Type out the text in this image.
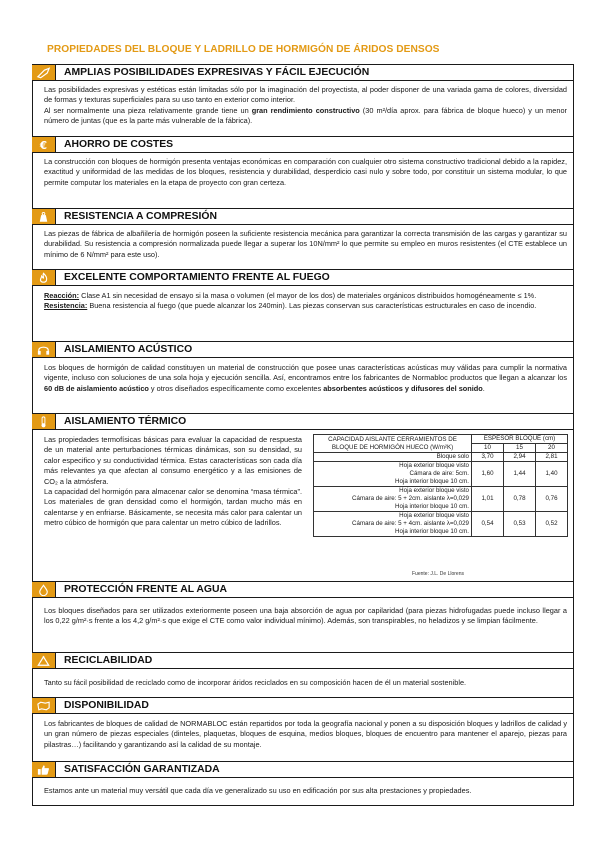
PROPIEDADES DEL BLOQUE Y LADRILLO DE HORMIGÓN DE ÁRIDOS DENSOS
AMPLIAS POSIBILIDADES EXPRESIVAS Y FÁCIL EJECUCIÓN

Las posibilidades expresivas y estéticas están limitadas sólo por la imaginación del proyectista, al poder disponer de una variada gama de colores, diversidad de formas y texturas superficiales para su uso tanto en exterior como interior.

Al ser normalmente una pieza relativamente grande tiene un gran rendimiento constructivo (30 m²/día aprox. para fábrica de bloque hueco) y un menor número de juntas (que es la parte más vulnerable de la fábrica).

€ AHORRO DE COSTES

La construcción con bloques de hormigón presenta ventajas económicas en comparación con cualquier otro sistema constructivo tradicional debido a la rapidez, exactitud y uniformidad de las medidas de los bloques, resistencia y durabilidad, desperdicio casi nulo y sobre todo, por constituir un sistema modular, lo que permite computar los materiales en la etapa de proyecto con gran certeza.

RESISTENCIA A COMPRESIÓN

Las piezas de fábrica de albañilería de hormigón poseen la suficiente resistencia mecánica para garantizar la correcta transmisión de las cargas y garantizar su durabilidad. Su resistencia a compresión normalizada puede llegar a superar los 10N/mm² lo que permite su empleo en muros resistentes (el CTE establece un mínimo de 6 N/mm² para este uso).

EXCELENTE COMPORTAMIENTO FRENTE AL FUEGO

Reacción: Clase A1 sin necesidad de ensayo si la masa o volumen (el mayor de los dos) de materiales orgánicos distribuidos homogéneamente ≤ 1%.

Resistencia: Buena resistencia al fuego (que puede alcanzar los 240min). Las piezas conservan sus características estructurales en caso de incendio.

AISLAMIENTO ACÚSTICO

Los bloques de hormigón de calidad constituyen un material de construcción que posee unas características acústicas muy válidas para cumplir la normativa vigente, incluso con soluciones de una sola hoja y ejecución sencilla. Así, encontramos entre los fabricantes de Normabloc productos que llegan a alcanzar los 60 dB de aislamiento acústico y otros diseñados específicamente como excelentes absorbentes acústicos y difusores del sonido.

AISLAMIENTO TÉRMICO

Las propiedades termofísicas básicas para evaluar la capacidad de respuesta de un material ante perturbaciones térmicas dinámicas, son su densidad, su calor especifico y su conductividad térmica. Estas características son cada día más relevantes ya que afectan al consumo energético y a las emisiones de CO₂ a la atmósfera.

La capacidad del hormigón para almacenar calor se denomina “masa térmica”. Los materiales de gran densidad como el hormigón, tardan mucho más en calentarse y en enfriarse. Básicamente, se necesita más calor para calentar un metro cúbico de hormigón que para calentar un metro cúbico de ladrillos.

CAPACIDAD AISLANTE CERRAMIENTOS DE BLOQUE DE HORMIGÓN HUECO (W/m²K)	ESPESOR BLOQUE (cm)		
	10	15	20

Bloque solo	3,70	2,94	2,81

Hoja exterior bloque visto
Cámara de aire: 5cm.
Hoja interior bloque 10 cm.	1,60	1,44	1,40

Hoja exterior bloque visto
Cámara de aire: 5 + 2cm. aislante λ=0,029
Hoja interior bloque 10 cm.	1,01	0,78	0,76

Hoja exterior bloque visto
Cámara de aire: 5 + 4cm. aislante λ=0,029
Hoja interior bloque 10 cm.	0,54	0,53	0,52
Fuente: J.L. De Llorens
PROTECCIÓN FRENTE AL AGUA

Los bloques diseñados para ser utilizados exteriormente poseen una baja absorción de agua por capilaridad (para piezas hidrofugadas puede incluso llegar a los 0,22 g/m²·s frente a los 4,2 g/m²·s que exige el CTE como valor individual mínimo). Además, son transpirables, no heladizos y se limpian fácilmente.

RECICLABILIDAD

Tanto su fácil posibilidad de reciclado como de incorporar áridos reciclados en su composición hacen de él un material sostenible.

DISPONIBILIDAD

Los fabricantes de bloques de calidad de NORMABLOC están repartidos por toda la geografía nacional y ponen a su disposición bloques y ladrillos de calidad y un gran número de piezas especiales (dinteles, plaquetas, bloques de esquina, medios bloques, bloques de encuentro para mantener el aparejo, piezas para pilastras…) facilitando y garantizando así la calidad de su montaje.

SATISFACCIÓN GARANTIZADA

Estamos ante un material muy versátil que cada día ve generalizado su uso en edificación por sus alta prestaciones y propiedades.
